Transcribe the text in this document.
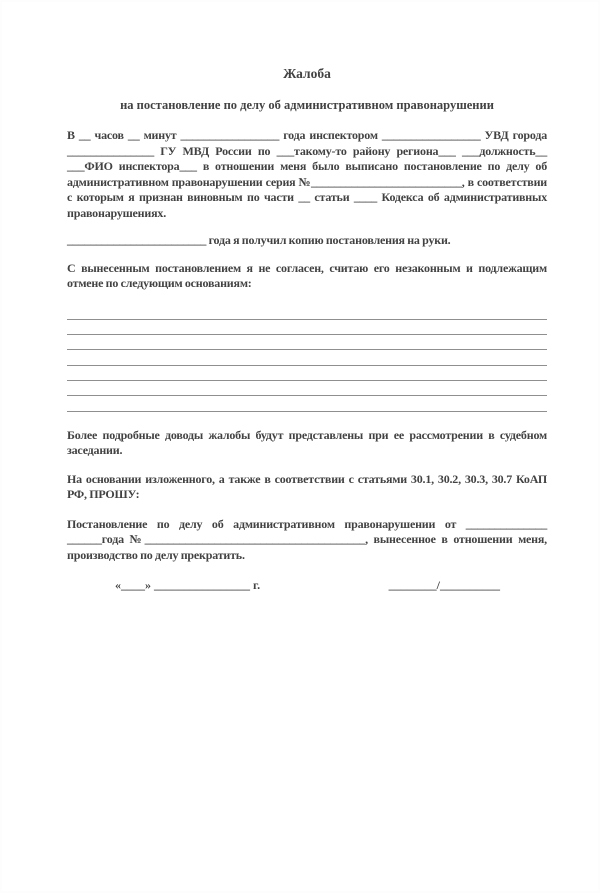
Жалоба
на постановление по делу об административном правонарушении

В __ часов __ минут _________________ года инспектором _________________ УВД города _______________ ГУ МВД России по ___такому-то району региона___ ___должность__ ___ФИО инспектора___ в отношении меня было выписано постановление по делу об административном правонарушении серия №__________________________, в соответствии с которым я признан виновным по части __ статьи ____ Кодекса об административных правонарушениях.

________________________ года я получил копию постановления на руки.

С вынесенным постановлением я не согласен, считаю его незаконным и подлежащим отмене по следующим основаниям:

Более подробные доводы жалобы будут представлены при ее рассмотрении в судебном заседании.

На основании изложенного, а также в соответствии с статьями 30.1, 30.2, 30.3, 30.7 КоАП РФ, ПРОШУ:

Постановление по делу об административном правонарушении от ______________ ______года №______________________________________, вынесенное в отношении меня, производство по делу прекратить.

«____» ________________ г.	________/__________
